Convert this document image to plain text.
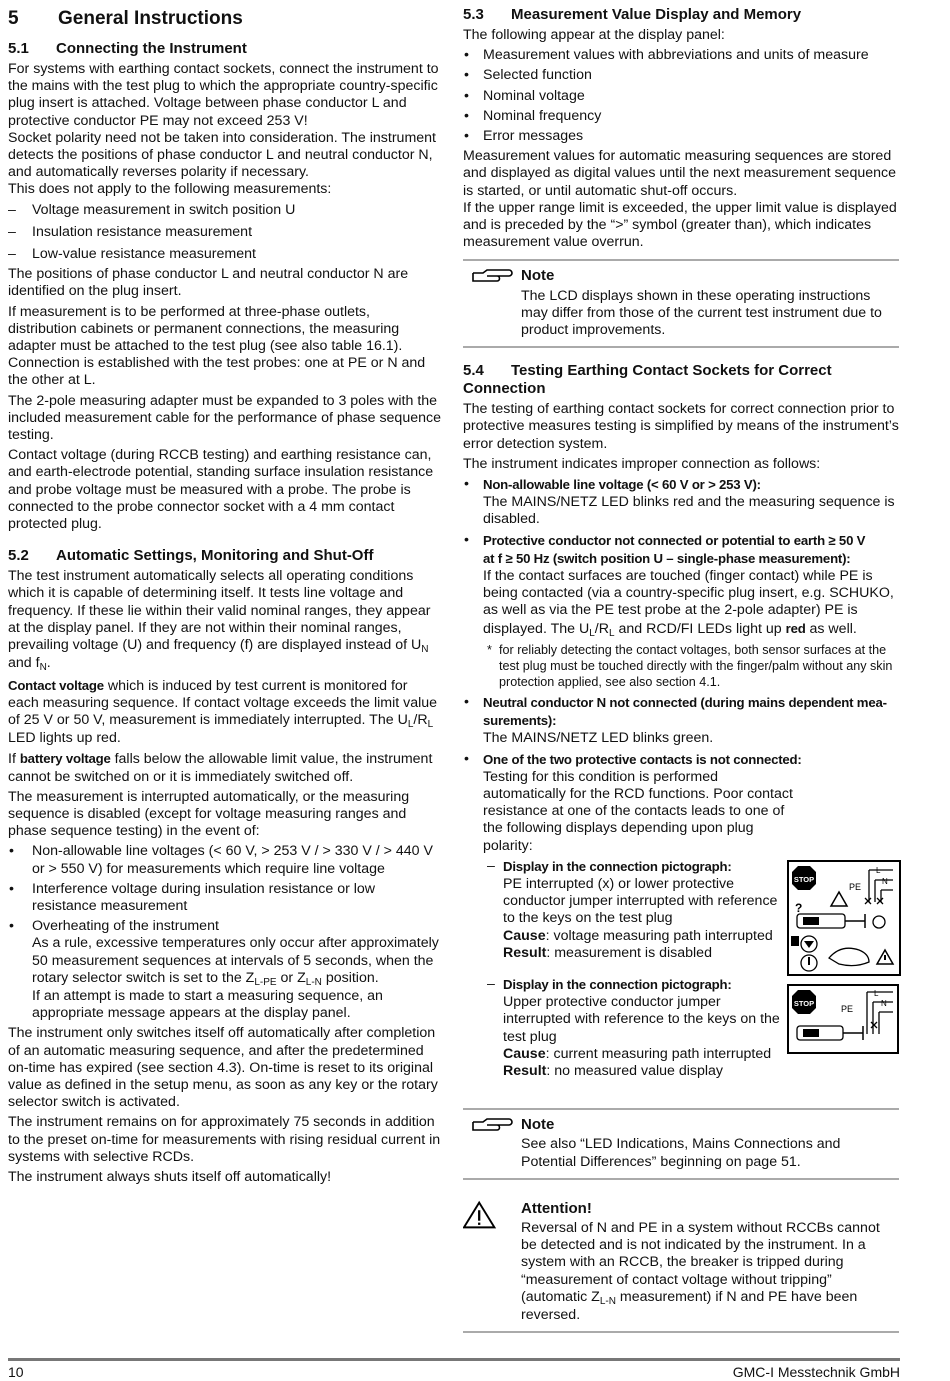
5 General Instructions
5.1 Connecting the Instrument

For systems with earthing contact sockets, connect the instrument to the mains with the test plug to which the appropriate country-specific plug insert is attached. Voltage between phase conductor L and protective conductor PE may not exceed 253 V!

Socket polarity need not be taken into consideration. The instrument detects the positions of phase conductor L and neutral conductor N, and automatically reverses polarity if necessary.

This does not apply to the following measurements:

– Voltage measurement in switch position U
– Insulation resistance measurement
– Low-value resistance measurement

The positions of phase conductor L and neutral conductor N are identified on the plug insert.

If measurement is to be performed at three-phase outlets, distribution cabinets or permanent connections, the measuring adapter must be attached to the test plug (see also table 16.1). Connection is established with the test probes: one at PE or N and the other at L.

The 2-pole measuring adapter must be expanded to 3 poles with the included measurement cable for the performance of phase sequence testing.

Contact voltage (during RCCB testing) and earthing resistance can, and earth-electrode potential, standing surface insulation resistance and probe voltage must be measured with a probe. The probe is connected to the probe connector socket with a 4 mm contact protected plug.

5.2 Automatic Settings, Monitoring and Shut-Off

The test instrument automatically selects all operating conditions which it is capable of determining itself. It tests line voltage and frequency. If these lie within their valid nominal ranges, they appear at the display panel. If they are not within their nominal ranges, prevailing voltage (U) and frequency (f) are displayed instead of $U_N$ and $f_N$.

Contact voltage which is induced by test current is monitored for each measuring sequence. If contact voltage exceeds the limit value of 25 V or 50 V, measurement is immediately interrupted. The $U_L/R_L$ LED lights up red.

If battery voltage falls below the allowable limit value, the instrument cannot be switched on or it is immediately switched off.

The measurement is interrupted automatically, or the measuring sequence is disabled (except for voltage measuring ranges and phase sequence testing) in the event of:

• Non-allowable line voltages (< 60 V, > 253 V / > 330 V / > 440 V or > 550 V) for measurements which require line voltage
• Interference voltage during insulation resistance or low resistance measurement
• Overheating of the instrument
As a rule, excessive temperatures only occur after approximately 50 measurement sequences at intervals of 5 seconds, when the rotary selector switch is set to the $Z_{L-PE}$ or $Z_{L-N}$ position.
If an attempt is made to start a measuring sequence, an appropriate message appears at the display panel.

The instrument only switches itself off automatically after completion of an automatic measuring sequence, and after the predetermined on-time has expired (see section 4.3). On-time is reset to its original value as defined in the setup menu, as soon as any key or the rotary selector switch is activated.

The instrument remains on for approximately 75 seconds in addition to the preset on-time for measurements with rising residual current in systems with selective RCDs.

The instrument always shuts itself off automatically!

5.3 Measurement Value Display and Memory

The following appear at the display panel:

• Measurement values with abbreviations and units of measure
• Selected function
• Nominal voltage
• Nominal frequency
• Error messages

Measurement values for automatic measuring sequences are stored and displayed as digital values until the next measurement sequence is started, or until automatic shut-off occurs.

If the upper range limit is exceeded, the upper limit value is displayed and is preceded by the “>” symbol (greater than), which indicates measurement value overrun.

Note
The LCD displays shown in these operating instructions may differ from those of the current test instrument due to product improvements.
5.4 Testing Earthing Contact Sockets for Correct Connection

The testing of earthing contact sockets for correct connection prior to protective measures testing is simplified by means of the instrument’s error detection system.

The instrument indicates improper connection as follows:

• Non-allowable line voltage (< 60 V or > 253 V):
The MAINS/NETZ LED blinks red and the measuring sequence is disabled.
• Protective conductor not connected or potential to earth ≥ 50 V
at f ≥ 50 Hz (switch position U – single-phase measurement):
If the contact surfaces are touched (finger contact) while PE is being contacted (via a country-specific plug insert, e.g. SCHUKO, as well as via the PE test probe at the 2-pole adapter) PE is displayed. The $U_L/R_L$ and RCD/FI LEDs light up red as well.
* for reliably detecting the contact voltages, both sensor surfaces at the test plug must be touched directly with the finger/palm without any skin protection applied, see also section 4.1.
• Neutral conductor N not connected (during mains dependent measurements):
The MAINS/NETZ LED blinks green.
• One of the two protective contacts is not connected:
Testing for this condition is performed automatically for the RCD functions. Poor contact resistance at one of the contacts leads to one of the following displays depending upon plug polarity:
– Display in the connection pictograph:
PE interrupted (x) or lower protective conductor jumper interrupted with reference to the keys on the test plug
Cause: voltage measuring path interrupted
Result: measurement is disabled
– Display in the connection pictograph:
Upper protective conductor jumper interrupted with reference to the keys on the test plug
Cause: current measuring path interrupted
Result: no measured value display
Note
See also “LED Indications, Mains Connections and Potential Differences” beginning on page 51.
Attention!
Reversal of N and PE in a system without RCCBs cannot be detected and is not indicated by the instrument. In a system with an RCCB, the breaker is tripped during “measurement of contact voltage without tripping” (automatic $Z_{L-N}$ measurement) if N and PE have been reversed.
STOP
PE
L
N
?
STOP
PE
L
N
10	GMC-I Messtechnik GmbH
